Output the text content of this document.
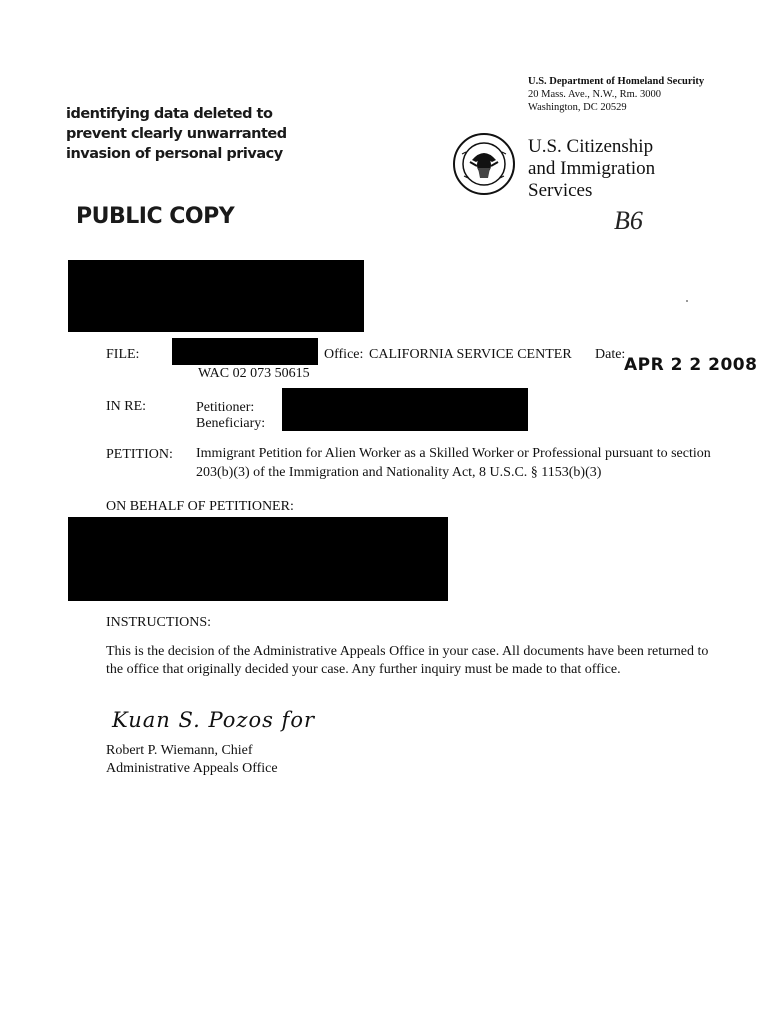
U.S. Department of Homeland Security
20 Mass. Ave., N.W., Rm. 3000
Washington, DC 20529
identifying data deleted to
prevent clearly unwarranted
invasion of personal privacy
PUBLIC COPY
U.S. Citizenship
and Immigration
Services
B6
FILE:
WAC 02 073 50615
Office: CALIFORNIA SERVICE CENTER Date:
APR 2 2 2008
IN RE:	Petitioner:
Beneficiary:
PETITION: Immigrant Petition for Alien Worker as a Skilled Worker or Professional pursuant to section
203(b)(3) of the Immigration and Nationality Act, 8 U.S.C. § 1153(b)(3)
ON BEHALF OF PETITIONER:
INSTRUCTIONS:
This is the decision of the Administrative Appeals Office in your case. All documents have been returned to
the office that originally decided your case. Any further inquiry must be made to that office.
Kuan S. Pozos for
Robert P. Wiemann, Chief
Administrative Appeals Office
